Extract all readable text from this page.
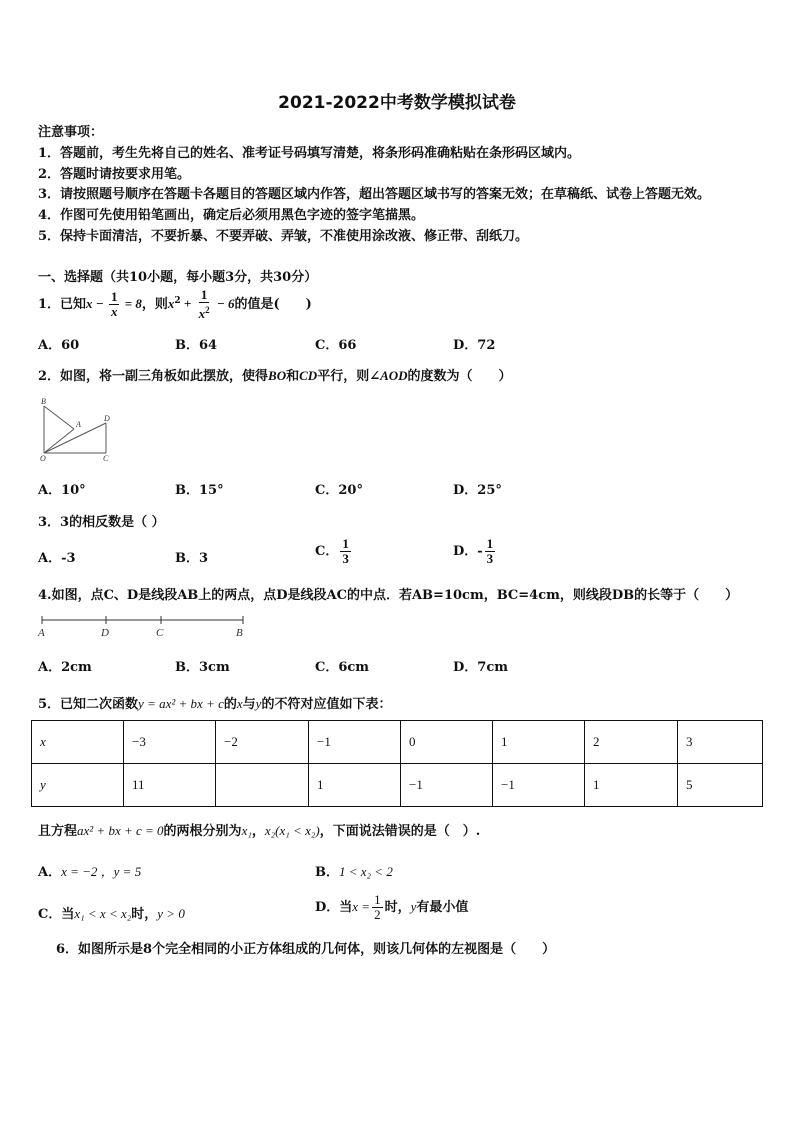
2021-2022中考数学模拟试卷
注意事项：
1．答题前，考生先将自己的姓名、准考证号码填写清楚，将条形码准确粘贴在条形码区域内。
2．答题时请按要求用笔。
3．请按照题号顺序在答题卡各题目的答题区域内作答，超出答题区域书写的答案无效；在草稿纸、试卷上答题无效。
4．作图可先使用铅笔画出，确定后必须用黑色字迹的签字笔描黑。
5．保持卡面清洁，不要折暴、不要弄破、弄皱，不准使用涂改液、修正带、刮纸刀。
一、选择题（共10小题，每小题3分，共30分）
1．已知$x - \frac{1}{x} = 8$，则$x^2 + \frac{1}{x^2} - 6$的值是(　　)
A．60	B．64	C．66	D．72
2．如图，将一副三角板如此摆放，使得BO和CD平行，则∠AOD的度数为（　　）
B
A
D
O	C
A．10°	B．15°	C．20°	D．25°
3．3的相反数是（ ）
A．-3	B．3	C． $\frac{1}{3}$	D．- $\frac{1}{3}$
4.如图，点C、D是线段AB上的两点，点D是线段AC的中点．若AB=10cm，BC=4cm，则线段DB的长等于（　　）
A	D	C	B
A．2cm	B．3cm	C．6cm	D．7cm
5．已知二次函数y = ax² + bx + c的x与y的不符对应值如下表：
x	−3	−2	−1	0	1	2	3
y	11		1	−1	−1	1	5
且方程ax² + bx + c = 0的两根分别为x₁，x₂(x₁ < x₂)，下面说法错误的是（　）.
A．x = −2 ，y = 5	B．1 < x₂ < 2
C．当x₁ < x < x₂时，y > 0	D．当$x = \frac{1}{2}$ 时，y有最小值
6．如图所示是8个完全相同的小正方体组成的几何体，则该几何体的左视图是（　　）
